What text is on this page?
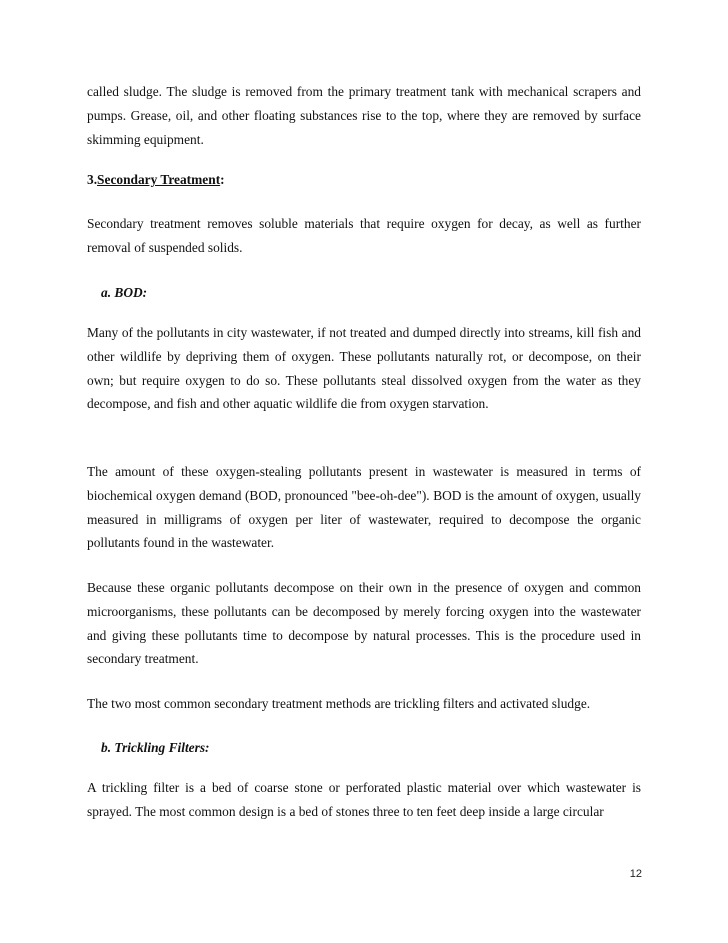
called sludge. The sludge is removed from the primary treatment tank with mechanical scrapers and pumps. Grease, oil, and other floating substances rise to the top, where they are removed by surface skimming equipment.

3.Secondary Treatment:

Secondary treatment removes soluble materials that require oxygen for decay, as well as further removal of suspended solids.

a. BOD:

Many of the pollutants in city wastewater, if not treated and dumped directly into streams, kill fish and other wildlife by depriving them of oxygen. These pollutants naturally rot, or decompose, on their own; but require oxygen to do so. These pollutants steal dissolved oxygen from the water as they decompose, and fish and other aquatic wildlife die from oxygen starvation.

The amount of these oxygen-stealing pollutants present in wastewater is measured in terms of biochemical oxygen demand (BOD, pronounced "bee-oh-dee"). BOD is the amount of oxygen, usually measured in milligrams of oxygen per liter of wastewater, required to decompose the organic pollutants found in the wastewater.

Because these organic pollutants decompose on their own in the presence of oxygen and common microorganisms, these pollutants can be decomposed by merely forcing oxygen into the wastewater and giving these pollutants time to decompose by natural processes. This is the procedure used in secondary treatment.

The two most common secondary treatment methods are trickling filters and activated sludge.

b. Trickling Filters:

A trickling filter is a bed of coarse stone or perforated plastic material over which wastewater is sprayed. The most common design is a bed of stones three to ten feet deep inside a large circular

12
